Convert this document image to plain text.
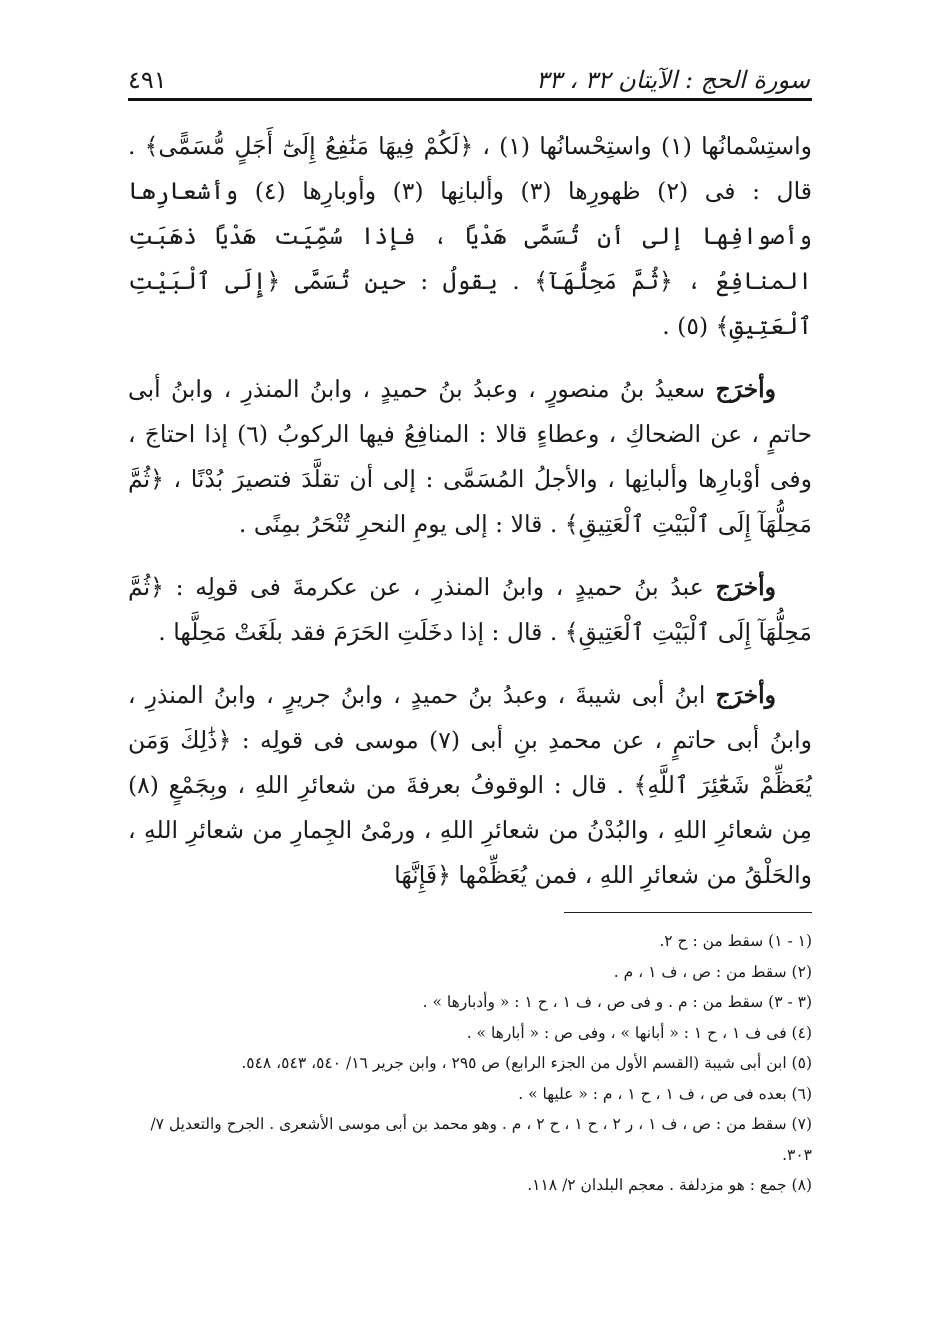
سورة الحج : الآيتان ٣٢ ، ٣٣
٤٩١

واستِسْمانُها (١) واستِحْسانُها (١) ، ﴿لَكُمْ فِيهَا مَنَٰفِعُ إِلَىٰٓ أَجَلٍ مُّسَمًّى﴾ . قال : فى (٢) ظهورِها (٣) وألبانِها (٣) وأوبارِها (٤) وأشعارِها وأصوافِها إلى أن تُسَمَّى هَدْيًا ، فإذا سُمِّيَت هَدْيًا ذهَبَتِ المنافِعُ ، ﴿ثُمَّ مَحِلُّهَآ﴾ . يقولُ : حين تُسَمَّى ﴿إِلَى ٱلْبَيْتِ ٱلْعَتِيقِ﴾ (٥) .

وأخرَج سعيدُ بنُ منصورٍ ، وعبدُ بنُ حميدٍ ، وابنُ المنذرِ ، وابنُ أبى حاتمٍ ، عن الضحاكِ ، وعطاءٍ قالا : المنافِعُ فيها الركوبُ (٦) إذا احتاجَ ، وفى أوْبارِها وألبانِها ، والأجلُ المُسَمَّى : إلى أن تقلَّدَ فتصيرَ بُدْنًا ، ﴿ثُمَّ مَحِلُّهَآ إِلَى ٱلْبَيْتِ ٱلْعَتِيقِ﴾ . قالا : إلى يومِ النحرِ تُنْحَرُ بمِنًى .

وأخرَج عبدُ بنُ حميدٍ ، وابنُ المنذرِ ، عن عكرمةَ فى قولِه : ﴿ثُمَّ مَحِلُّهَآ إِلَى ٱلْبَيْتِ ٱلْعَتِيقِ﴾ . قال : إذا دخَلَتِ الحَرَمَ فقد بلَغَتْ مَحِلَّها .

وأخرَج ابنُ أبى شيبةَ ، وعبدُ بنُ حميدٍ ، وابنُ جريرٍ ، وابنُ المنذرِ ، وابنُ أبى حاتمٍ ، عن محمدِ بنِ أبى (٧) موسى فى قولِه : ﴿ذَٰلِكَ وَمَن يُعَظِّمْ شَعَٰٓئِرَ ٱللَّهِ﴾ . قال : الوقوفُ بعرفةَ من شعائرِ اللهِ ، وبِجَمْعٍ (٨) مِن شعائرِ اللهِ ، والبُدْنُ من شعائرِ اللهِ ، ورمْىُ الجِمارِ من شعائرِ اللهِ ، والحَلْقُ من شعائرِ اللهِ ، فمن يُعَظِّمْها ﴿فَإِنَّهَا

(١ - ١) سقط من : ح ٢.
(٢) سقط من : ص ، ف ١ ، م .
(٣ - ٣) سقط من : م . و فى ص ، ف ١ ، ح ١ : « وأدبارها » .
(٤) فى ف ١ ، ح ١ : « أبانها » ، وفى ص : « أبارها » .
(٥) ابن أبى شيبة (القسم الأول من الجزء الرابع) ص ٢٩٥ ، وابن جرير ١٦/ ٥٤٠، ٥٤٣، ٥٤٨.
(٦) بعده فى ص ، ف ١ ، ح ١ ، م : « عليها » .
(٧) سقط من : ص ، ف ١ ، ر ٢ ، ح ١ ، ح ٢ ، م . وهو محمد بن أبى موسى الأشعرى . الجرح والتعديل ٧/ ٣٠٣.
(٨) جمع : هو مزدلفة . معجم البلدان ٢/ ١١٨.
